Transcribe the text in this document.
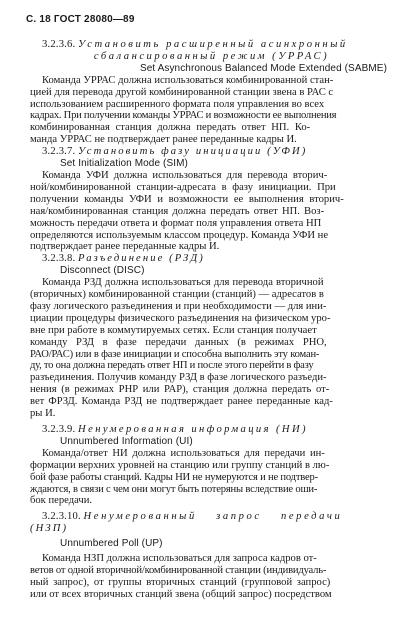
С. 18 ГОСТ 28080—89

3.2.3.6. Установить расширенный асинхронный

сбалансированный режим (УРРАС)

Set Asynchronous Balanced Mode Extended (SABME)

Команда УРРАС должна использоваться комбинированной стан-

цией для перевода другой комбинированной станции звена в РАС с

использованием расширенного формата поля управления во всех

кадрах. При получении команды УРРАС и возможности ее выполнения

комбинированная станция должна передать ответ НП. Ко-

манда УРРАС не подтверждает ранее переданные кадры И.

3.2.3.7. Установить фазу инициации (УФИ)

Set Initialization Mode (SIM)

Команда УФИ должна использоваться для перевода вторич-

ной/комбинированной станции-адресата в фазу инициации. При

получении команды УФИ и возможности ее выполнения вторич-

ная/комбинированная станция должна передать ответ НП. Воз-

можность передачи ответа и формат поля управления ответа НП

определяются используемым классом процедур. Команда УФИ не

подтверждает ранее переданные кадры И.

3.2.3.8. Разъединение (РЗД)

Disconnect (DISC)

Команда РЗД должна использоваться для перевода вторичной

(вторичных) комбинированной станции (станций) — адресатов в

фазу логического разъединения и при необходимости — для ини-

циации процедуры физического разъединения на физическом уро-

вне при работе в коммутируемых сетях. Если станция получает

команду РЗД в фазе передачи данных (в режимах РНО,

РАО/РАС) или в фазе инициации и способна выполнить эту коман-

ду, то она должна передать ответ НП и после этого перейти в фазу

разъединения. Получив команду РЗД в фазе логического разъеди-

нения (в режимах РНР или РАР), станция должна передать от-

вет ФРЗД. Команда РЗД не подтверждает ранее переданные кад-

ры И.

3.2.3.9. Ненумерованная информация (НИ)

Unnumbered Information (UI)

Команда/ответ НИ должна использоваться для передачи ин-

формации верхних уровней на станцию или группу станций в лю-

бой фазе работы станций. Кадры НИ не нумеруются и не подтвер-

ждаются, в связи с чем они могут быть потеряны вследствие оши-

бок передачи.

3.2.3.10. Ненумерованный запрос передачи

(НЗП)

Unnumbered Poll (UP)

Команда НЗП должна использоваться для запроса кадров от-

ветов от одной вторичной/комбинированной станции (индивидуаль-

ный запрос), от группы вторичных станций (групповой запрос)

или от всех вторичных станций звена (общий запрос) посредством
